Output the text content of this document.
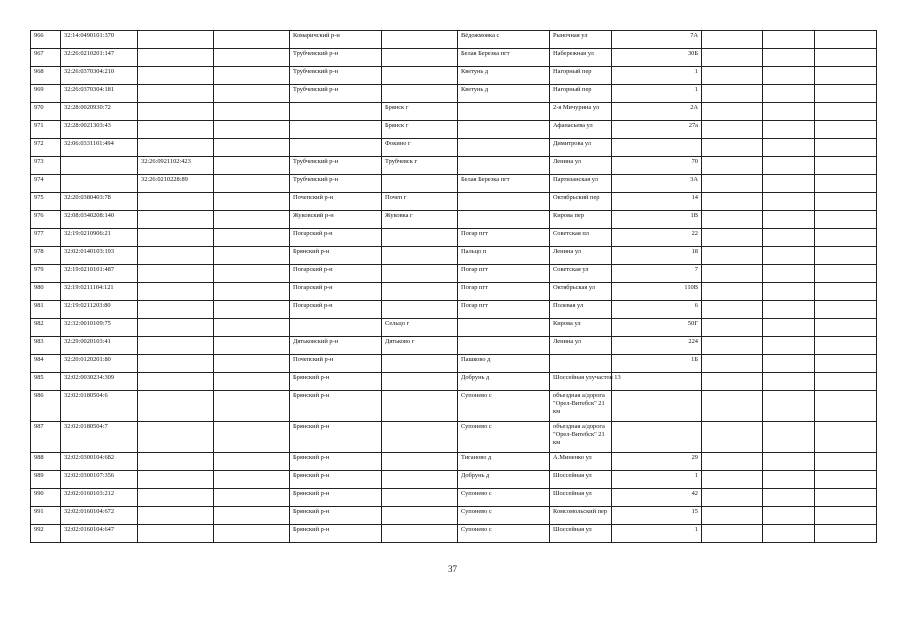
966	32:14:0490101:370			Комаричский р-н		Вёдожмовка с	Рыночная ул	7А			
967	32:26:0210201:147			Трубчевский р-н		Белая Березка пгт	Набережная ул	30Б			
968	32:26:0370304:210			Трубчевский р-н		Кветунь д	Нагорный пер	1			
969	32:26:0370304:181			Трубчевский р-н		Кветунь д	Нагорный пер	1			
970	32:28:0020930:72				Брянск г		2-я Мичурина ул	2А			
971	32:28:0021303:43				Брянск г		Афанасьева ул	27а			
972	32:06:0331101:494				Фокино г		Димитрова ул				
973		32:26:0921102:423		Трубчевский р-н	Трубчевск г		Ленина ул	70			
974		32:26:0210228:89		Трубчевский р-н		Белая Березка пгт	Партизанская ул	3А			
975	32:20:0380403:78			Почепский р-н	Почеп г		Октябрьский пер	14			
976	32:08:0340208:140			Жуковский р-н	Жуковка г		Кирова пер	1В			
977	32:19:0210906:21			Погарский р-н		Погар пгт	Советская пл	22			
978	32:02:0140103:193			Брянский р-н		Пальцо п	Ленина ул	18			
979	32:19:0210101:487			Погарский р-н		Погар пгт	Советская ул	7			
980	32:19:0211104:121			Погарский р-н		Погар пгт	Октябрьская ул	110В			
981	32:19:0211203:80			Погарский р-н		Погар пгт	Полевая ул	6			
982	32:32:0010109:75				Сельцо г		Кирова ул	50Г			
983	32:29:0020103:41			Дятьковский р-н	Дятьково г		Ленина ул	224			
984	32:20:0120201:80			Почепский р-н		Пашково д		1Б			
985	32:02:0030234:309			Брянский р-н		Добрунь д	Шоссейная улучастов 13				
986	32:02:0180504:6			Брянский р-н		Супонево с	объездная а/дорога "Орел-Витебск" 21 км				
987	32:02:0180504:7			Брянский р-н		Супонево с	объездная а/дорога "Орел-Витебск" 21 км				
988	32:02:0300104:682			Брянский р-н		Тиганово д	А.Миненко ул	29			
989	32:02:0300107:356			Брянский р-н		Добрунь д	Шоссейная ул	1			
990	32:02:0160103:212			Брянский р-н		Супонево с	Шоссейная ул	42			
991	32:02:0160104:672			Брянский р-н		Супонево с	Комсомольский пер	15			
992	32:02:0160104:647			Брянский р-н		Супонево с	Шоссейная ул	1			
37
